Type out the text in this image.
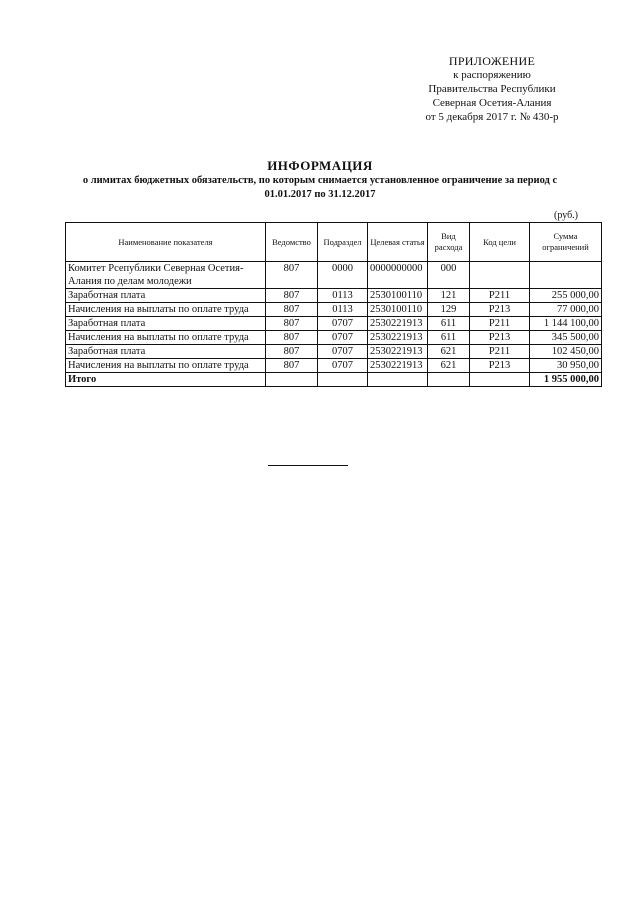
ПРИЛОЖЕНИЕ
к распоряжению
Правительства Республики
Северная Осетия-Алания
от 5 декабря 2017 г. № 430-р
ИНФОРМАЦИЯ
о лимитах бюджетных обязательств, по которым снимается установленное ограничение за период с
01.01.2017 по 31.12.2017
(руб.)
Наименование показателя	Ведомство	Подраздел	Целевая статья	Вид расхода	Код цели	Сумма ограничений
Комитет Рсепублики Северная Осетия-Алания по делам молодежи	807	0000	0000000000	000		
Заработная плата	807	0113	2530100110	121	P211	255 000,00
Начисления на выплаты по оплате труда	807	0113	2530100110	129	P213	77 000,00
Заработная плата	807	0707	2530221913	611	P211	1 144 100,00
Начисления на выплаты по оплате труда	807	0707	2530221913	611	P213	345 500,00
Заработная плата	807	0707	2530221913	621	P211	102 450,00
Начисления на выплаты по оплате труда	807	0707	2530221913	621	P213	30 950,00
Итого						1 955 000,00
